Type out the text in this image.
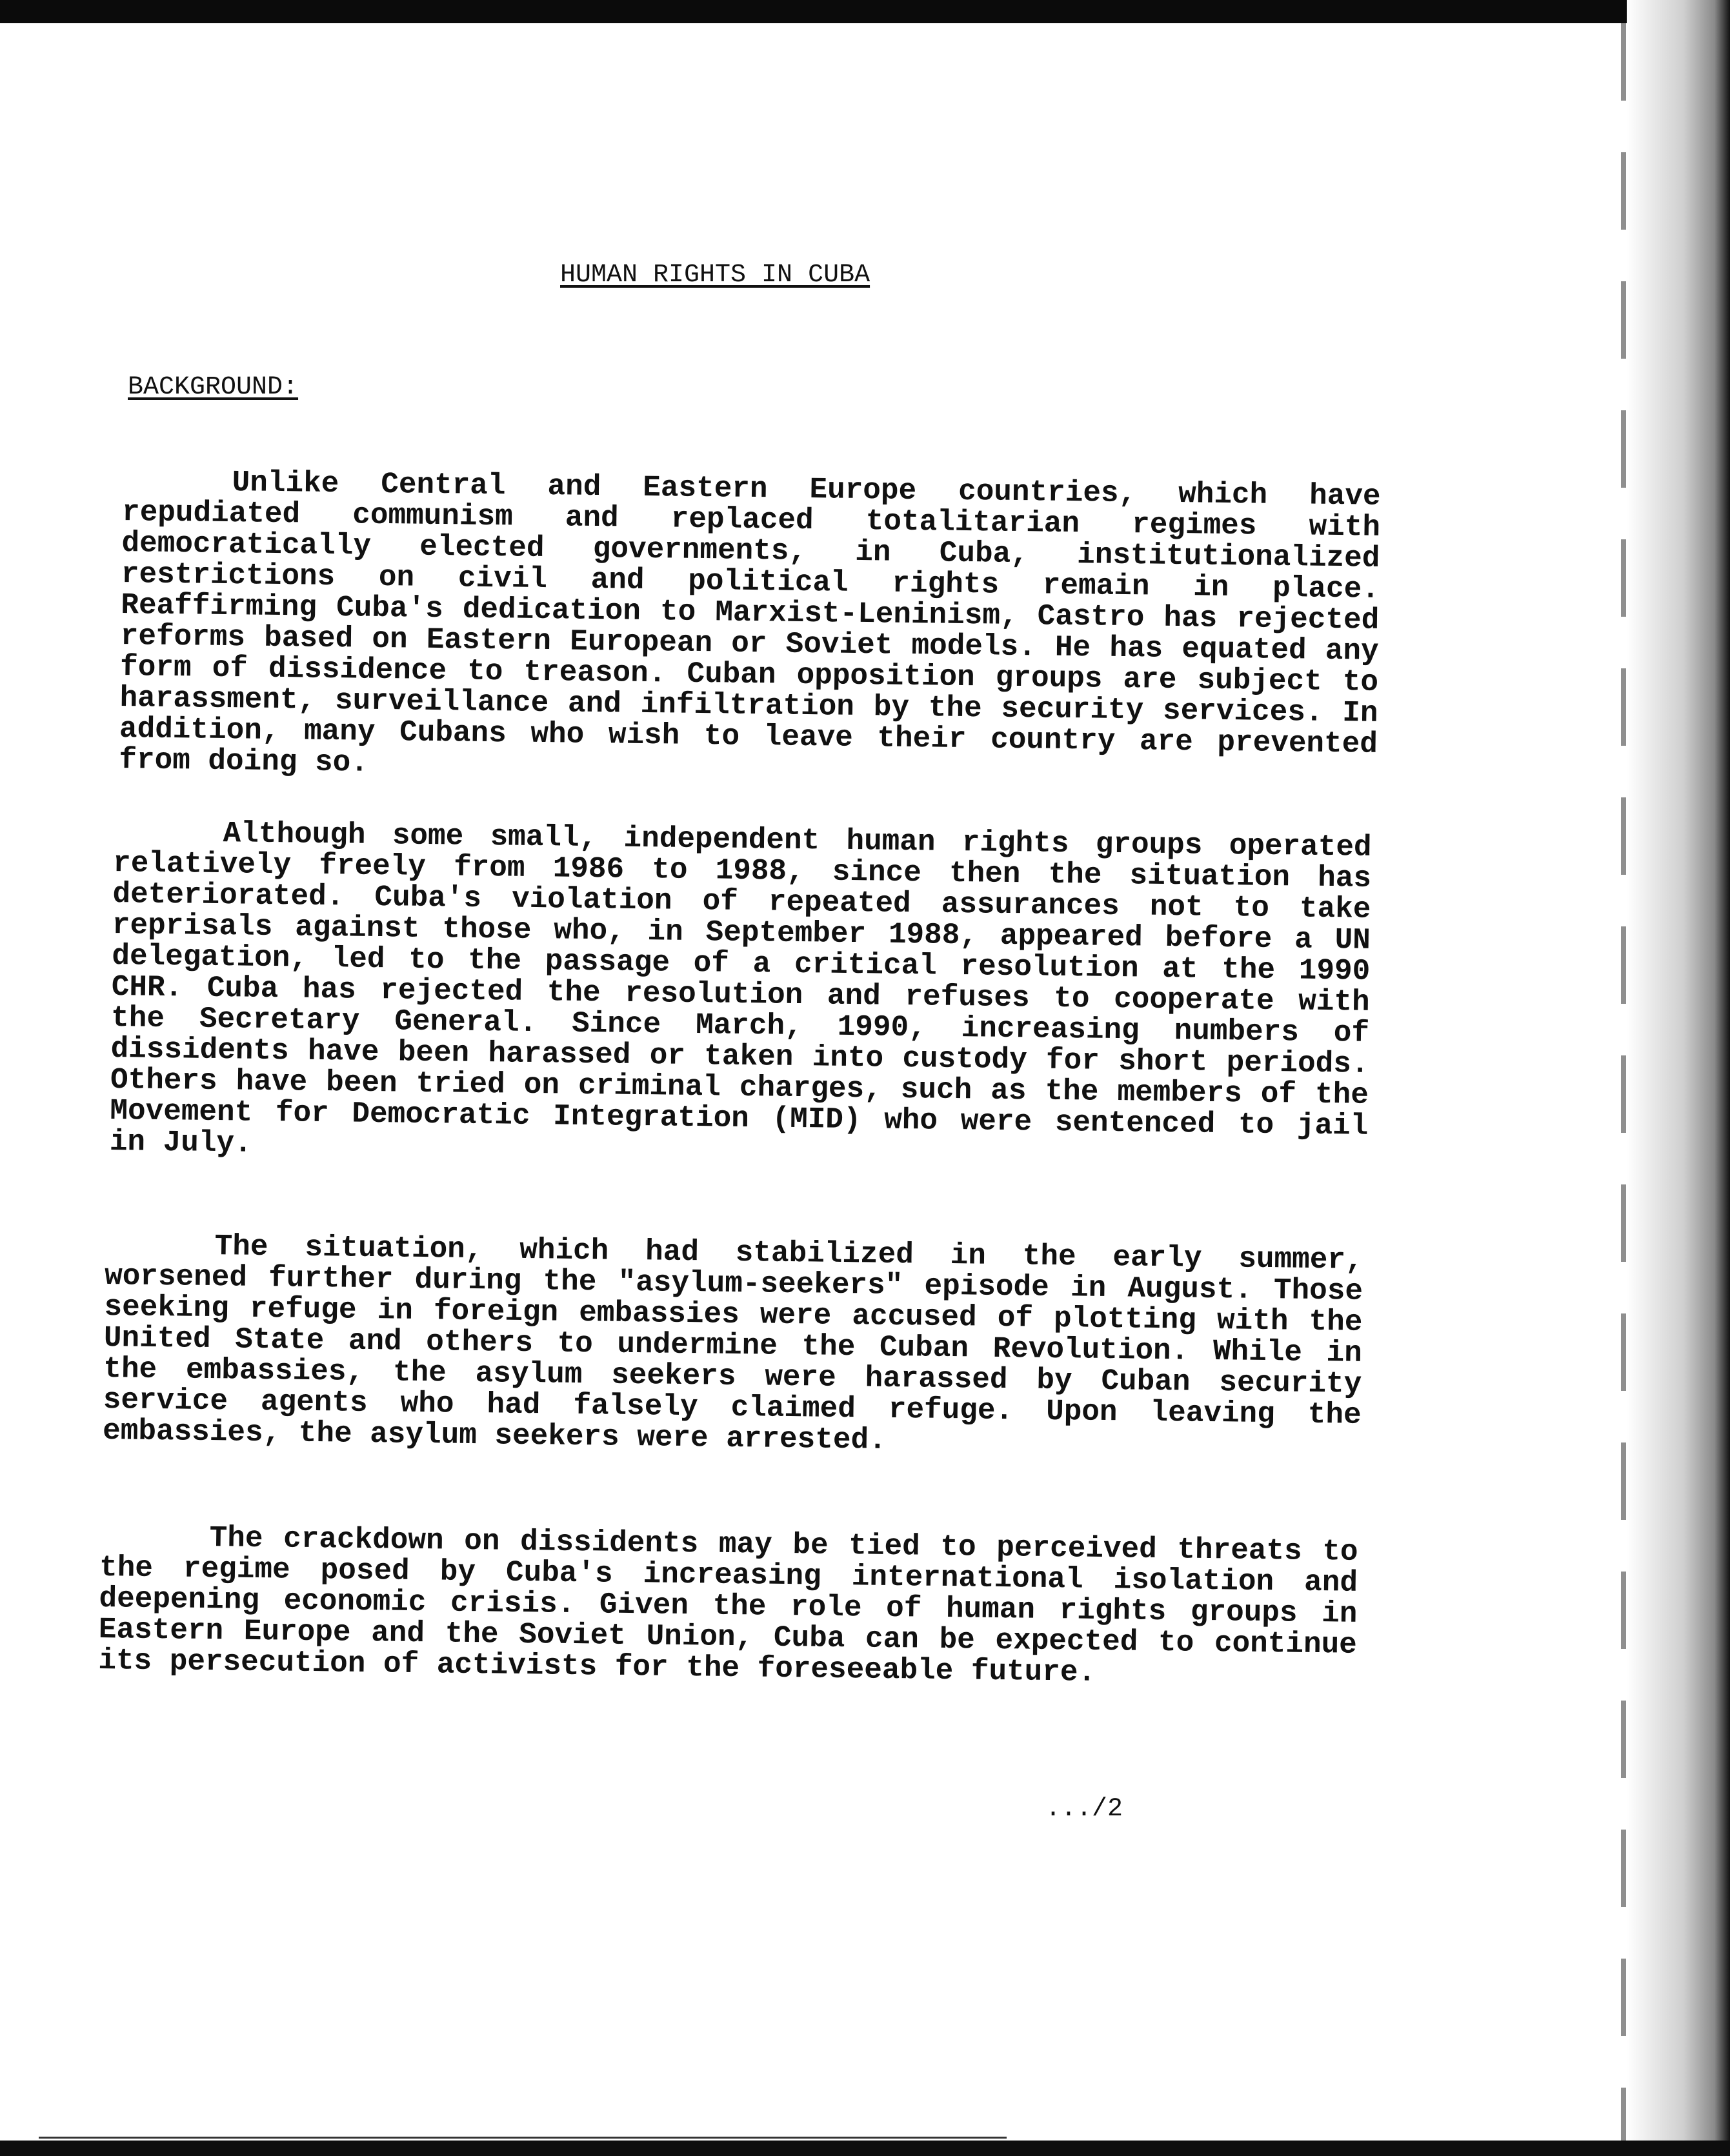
HUMAN RIGHTS IN CUBA
BACKGROUND:

Unlike Central and Eastern Europe countries, which have repudiated communism and replaced totalitarian regimes with democratically elected governments, in Cuba, institutionalized restrictions on civil and political rights remain in place. Reaffirming Cuba's dedication to Marxist-Leninism, Castro has rejected reforms based on Eastern European or Soviet models. He has equated any form of dissidence to treason. Cuban opposition groups are subject to harassment, surveillance and infiltration by the security services. In addition, many Cubans who wish to leave their country are prevented from doing so.

Although some small, independent human rights groups operated relatively freely from 1986 to 1988, since then the situation has deteriorated. Cuba's violation of repeated assurances not to take reprisals against those who, in September 1988, appeared before a UN delegation, led to the passage of a critical resolution at the 1990 CHR. Cuba has rejected the resolution and refuses to cooperate with the Secretary General. Since March, 1990, increasing numbers of dissidents have been harassed or taken into custody for short periods. Others have been tried on criminal charges, such as the members of the Movement for Democratic Integration (MID) who were sentenced to jail in July.

The situation, which had stabilized in the early summer, worsened further during the "asylum-seekers" episode in August. Those seeking refuge in foreign embassies were accused of plotting with the United State and others to undermine the Cuban Revolution. While in the embassies, the asylum seekers were harassed by Cuban security service agents who had falsely claimed refuge. Upon leaving the embassies, the asylum seekers were arrested.

The crackdown on dissidents may be tied to perceived threats to the regime posed by Cuba's increasing international isolation and deepening economic crisis. Given the role of human rights groups in Eastern Europe and the Soviet Union, Cuba can be expected to continue its persecution of activists for the foreseeable future.

.../2
